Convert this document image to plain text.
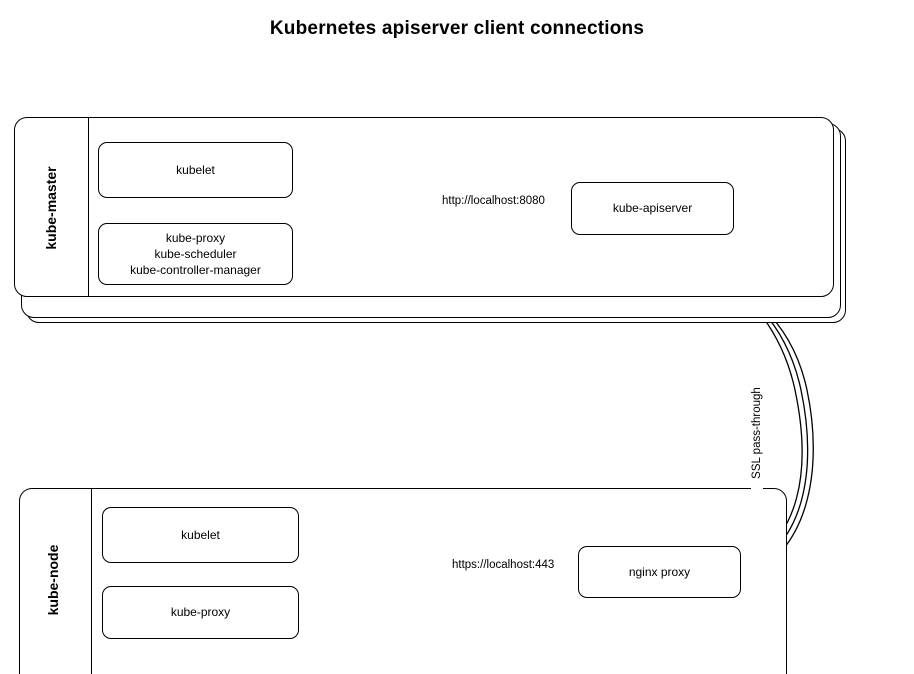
Kubernetes apiserver client connections
kube-master	kubelet
kube-proxy
kube-scheduler
kube-controller-manager
kube-apiserver
http://localhost:8080
kube-node
kubelet
kube-proxy
nginx proxy
https://localhost:443
SSL pass-through
